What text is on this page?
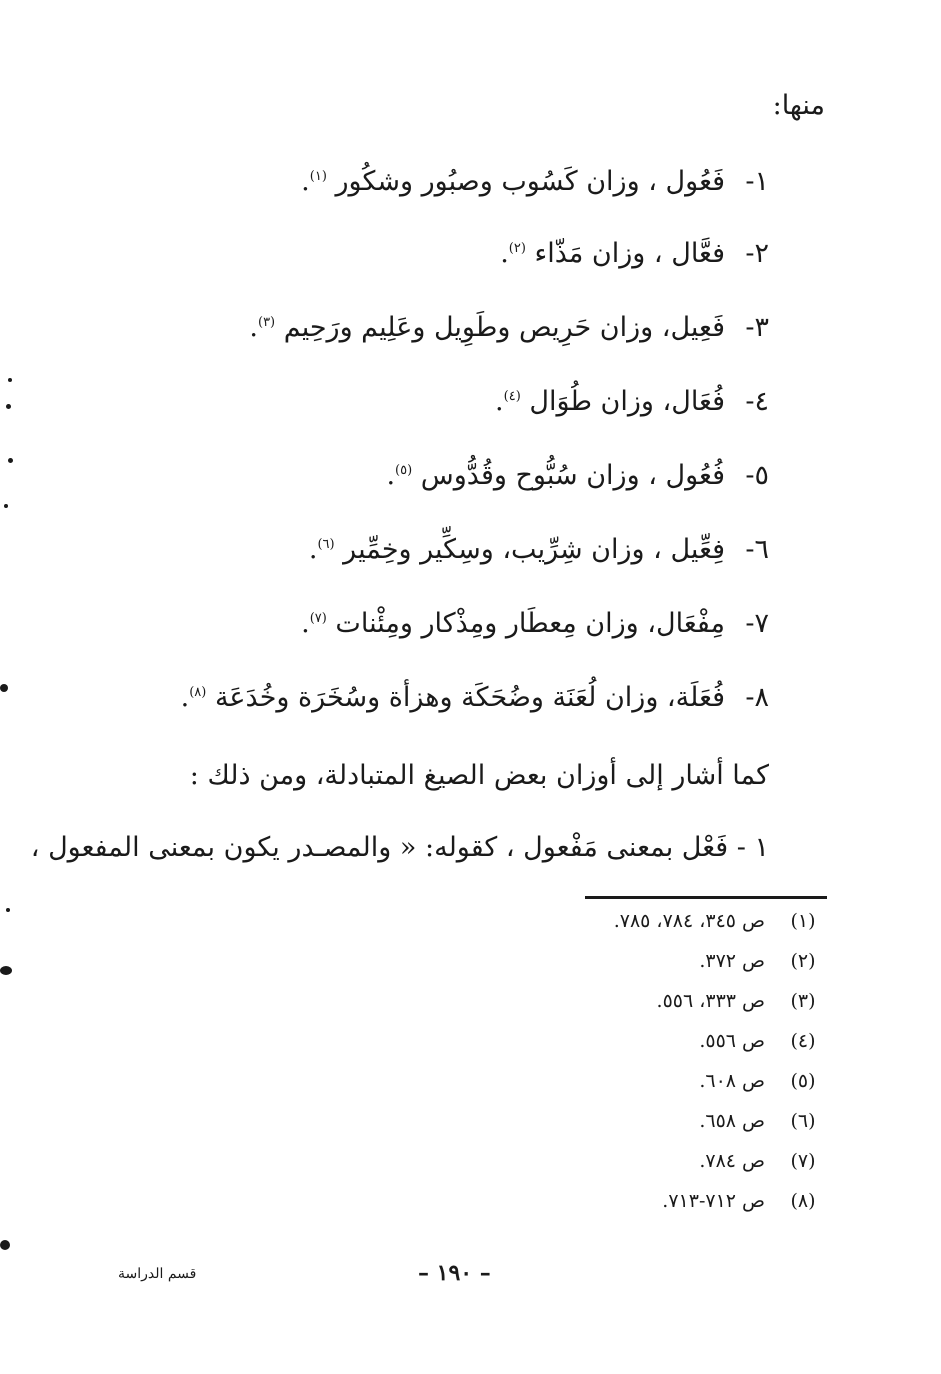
منها:
١-فَعُول ، وزان كَسُوب وصبُور وشكُور $^{(١)}$.
٢-فعَّال ، وزان مَذّاء $^{(٢)}$.
٣-فَعِيل، وزان حَرِيص وطَوِيل وعَلِيم ورَحِيم $^{(٣)}$.
٤-فُعَال، وزان طُوَال $^{(٤)}$.
٥-فُعُول ، وزان سُبُّوح وقُدُّوس $^{(٥)}$.
٦-فِعِّيل ، وزان شِرِّيب، وسِكِّير وخِمِّير $^{(٦)}$.
٧-مِفْعَال، وزان مِعطَار ومِذْكار ومِئْنات $^{(٧)}$.
٨-فُعَلَة، وزان لُعَنَة وضُحَكَة وهزأة وسُخَرَة وخُدَعَة $^{(٨)}$.
كما أشار إلى أوزان بعض الصيغ المتبادلة، ومن ذلك :
١ - فَعْل بمعنى مَفْعول ، كقوله: « والمصـدر يكون بمعنى المفعول ،
(١)ص ٣٤٥، ٧٨٤، ٧٨٥.
(٢)ص ٣٧٢.
(٣)ص ٣٣٣، ٥٥٦.
(٤)ص ٥٥٦.
(٥)ص ٦٠٨.
(٦)ص ٦٥٨.
(٧)ص ٧٨٤.
(٨)ص ٧١٢-٧١٣.
قسم الدراسة	– ١٩٠ –
